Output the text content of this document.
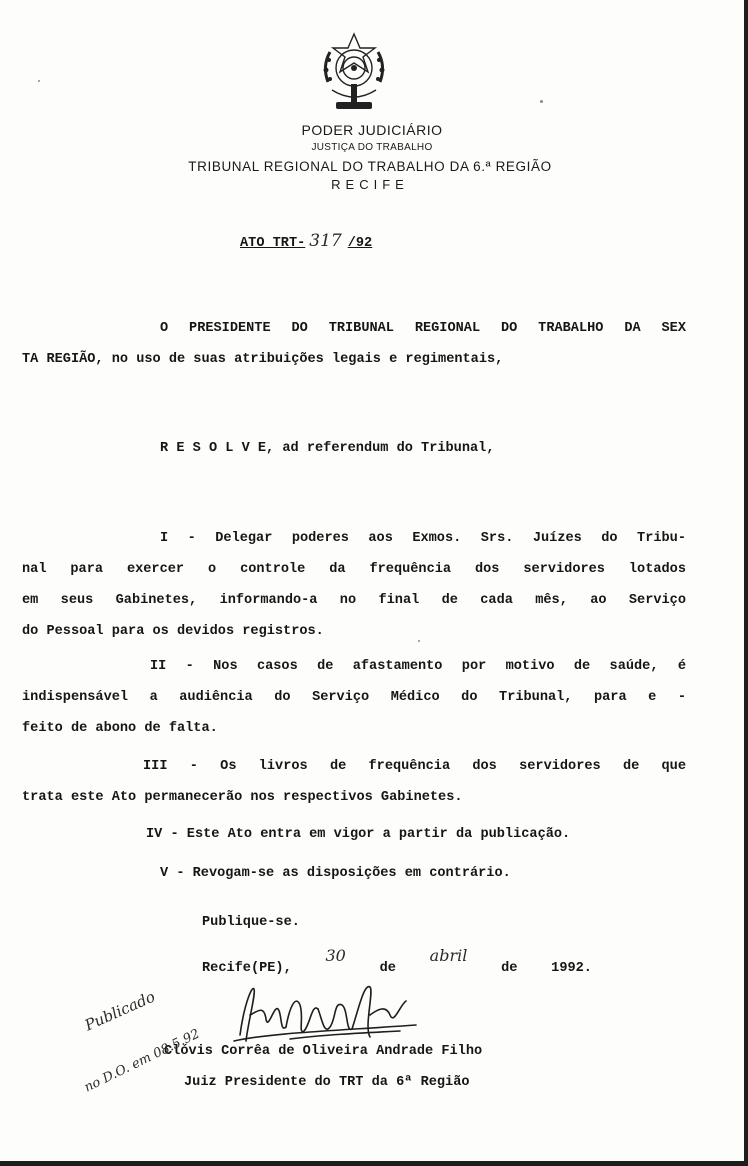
PODER JUDICIÁRIO
JUSTIÇA DO TRABALHO
TRIBUNAL REGIONAL DO TRABALHO DA 6.ª REGIÃO
RECIFE
ATO TRT- 317 /92
O PRESIDENTE DO TRIBUNAL REGIONAL DO TRABALHO DA SEX
TA REGIÃO, no uso de suas atribuições legais e regimentais,
R E S O L V E, ad referendum do Tribunal,
I - Delegar poderes aos Exmos. Srs. Juízes do Tribu-
nal para exercer o controle da frequência dos servidores lotados
em seus Gabinetes, informando-a no final de cada mês, ao Serviço
do Pessoal para os devidos registros.
II - Nos casos de afastamento por motivo de saúde, é
indispensável a audiência do Serviço Médico do Tribunal, para e -
feito de abono de falta.
III - Os livros de frequência dos servidores de que
trata este Ato permanecerão nos respectivos Gabinetes.
IV - Este Ato entra em vigor a partir da publicação.
V - Revogam-se as disposições em contrário.
Publique-se.
Recife(PE), 30 de abril de 1992.
Clóvis Corrêa de Oliveira Andrade Filho
Juiz Presidente do TRT da 6ª Região
Publicado
no D.O. em 08.5.92
